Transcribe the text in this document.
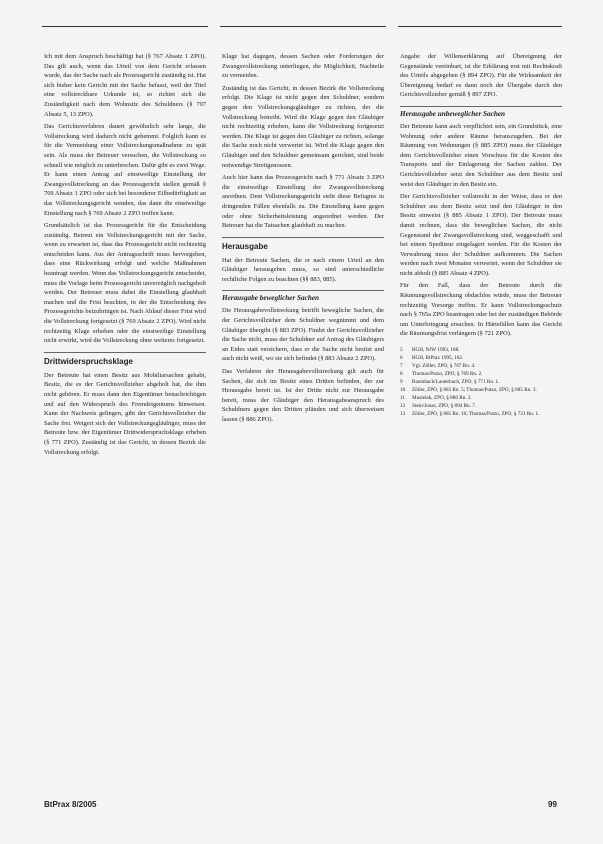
Ich mit dem Anspruch beschäftigt hat (§ 767 Absatz 1 ZPO). Das gilt auch, wenn das Urteil von dem Gericht erlassen wurde, das der Sache nach als Prozessgericht zuständig ist. Hat sich bisher kein Gericht mit der Sache befasst, weil der Titel eine vollstreckbare Urkunde ist, so richtet sich die Zuständigkeit nach dem Wohnsitz des Schuldners (§ 797 Absatz 5, 13 ZPO).

Das Gerichtsverfahren dauert gewöhnlich sehr lange, die Vollstreckung wird dadurch nicht gehemmt. Folglich kann es für die Vermeidung einer Vollstreckungsmaßnahme zu spät sein. Als muss der Betreuer versuchen, die Vollstreckung so schnell wie möglich zu unterbrechen. Dafür gibt es zwei Wege. Er kann einen Antrag auf einstweilige Einstellung der Zwangsvollstreckung an das Prozessgericht stellen gemäß § 769 Absatz 1 ZPO oder sich bei besonderer Eilbedürftigkeit an das Vollstreckungsgericht wenden, das dann die einstweilige Einstellung nach § 769 Absatz 2 ZPO treffen kann.

Grundsätzlich ist das Prozessgericht für die Entscheidung zuständig. Betreut ein Vollstreckungsgericht mit der Sache, wenn zu erwarten ist, dass das Prozessgericht nicht rechtzeitig entscheiden kann. Aus der Antragsschrift muss hervorgehen, dass eine Rückwirkung erfolgt und welche Maßnahmen beantragt werden. Wenn das Vollstreckungsgericht entscheidet, muss die Vorlage beim Prozessgericht unverzüglich nachgeholt werden. Der Betreuer muss dabei die Einstellung glaubhaft machen und die Frist beachten, in der die Entscheidung des Prozessgerichts beizubringen ist. Nach Ablauf dieser Frist wird die Vollstreckung fortgesetzt (§ 769 Absatz 2 ZPO). Wird nicht rechtzeitig Klage erhoben oder die einstweilige Einstellung nicht erwirkt, wird die Vollstreckung ohne weiteres fortgesetzt.

Drittwiderspruchsklage

Der Betreute hat einen Besitz aus Mobiliarsachen gehabt, Besitz, die es der Gerichtsvollzieher abgeholt hat, die ihm nicht gehören. Er muss dann den Eigentümer benachrichtigen und auf den Widerspruch des Fremdeigentums hinweisen. Kann der Nachweis gelingen, gibt der Gerichtsvollzieher die Sache frei. Weigert sich der Vollstreckungsgläubiger, muss der Betreute bzw. der Eigentümer Drittwiderspruchsklage erheben (§ 771 ZPO). Zuständig ist das Gericht, in dessen Bezirk die Vollstreckung erfolgt.

Klage hat dagegen, dessen Sachen oder Forderungen der Zwangsvollstreckung unterliegen, die Möglichkeit, Nachteile zu vermeiden.

Zuständig ist das Gericht, in dessen Bezirk die Vollstreckung erfolgt. Die Klage ist nicht gegen den Schuldner, sondern gegen den Vollstreckungsgläubiger zu richten, der die Vollstreckung betreibt. Wird die Klage gegen den Gläubiger nicht rechtzeitig erhoben, kann die Vollstreckung fortgesetzt werden. Die Klage ist gegen den Gläubiger zu richten, solange die Sache noch nicht verwertet ist. Wird die Klage gegen den Gläubiger und den Schuldner gemeinsam gerichtet, sind beide notwendige Streitgenossen.

Auch hier kann das Prozessgericht nach § 771 Absatz 3 ZPO die einstweilige Einstellung der Zwangsvollstreckung anordnen. Dem Vollstreckungsgericht steht diese Befugnis in dringenden Fällen ebenfalls zu. Die Einstellung kann gegen oder ohne Sicherheitsleistung angeordnet werden. Der Betreuer hat die Tatsachen glaubhaft zu machen.

Herausgabe

Hat der Betreute Sachen, die er nach einem Urteil an den Gläubiger herausgeben muss, so sind unterschiedliche rechtliche Folgen zu beachten (§§ 883, 885).

Herausgabe beweglicher Sachen

Die Herausgabevollstreckung betrifft bewegliche Sachen, die der Gerichtsvollzieher dem Schuldner wegnimmt und dem Gläubiger übergibt (§ 883 ZPO). Findet der Gerichtsvollzieher die Sache nicht, muss der Schuldner auf Antrag des Gläubigers an Eides statt versichern, dass er die Sache nicht besitzt und auch nicht weiß, wo sie sich befindet (§ 883 Absatz 2 ZPO).

Das Verfahren der Herausgabevollstreckung gilt auch für Sachen, die sich im Besitz eines Dritten befinden, der zur Herausgabe bereit ist. Ist der Dritte nicht zur Herausgabe bereit, muss der Gläubiger den Herausgabeanspruch des Schuldners gegen den Dritten pfänden und sich überweisen lassen (§ 886 ZPO).

Angabe der Willenserklärung auf Übereignung der Gegenstände vereinbart, ist die Erklärung erst mit Rechtskraft des Urteils abgegeben (§ 894 ZPO). Für die Wirksamkeit der Übereignung bedarf es dann noch der Übergabe durch den Gerichtsvollzieher gemäß § 897 ZPO.

Herausgabe unbeweglicher Sachen

Der Betreute kann auch verpflichtet sein, ein Grundstück, eine Wohnung oder andere Räume herauszugeben. Bei der Räumung von Wohnungen (§ 885 ZPO) muss der Gläubiger dem Gerichtsvollzieher einen Vorschuss für die Kosten des Transports und der Einlagerung der Sachen zahlen. Der Gerichtsvollzieher setzt den Schuldner aus dem Besitz und weist den Gläubiger in den Besitz ein.

Der Gerichtsvollzieher vollstreckt in der Weise, dass er den Schuldner aus dem Besitz setzt und den Gläubiger in den Besitz einweist (§ 885 Absatz 1 ZPO). Der Betreute muss damit rechnen, dass die beweglichen Sachen, die nicht Gegenstand der Zwangsvollstreckung sind, weggeschafft und bei einem Spediteur eingelagert werden. Für die Kosten der Verwahrung muss der Schuldner aufkommen. Die Sachen werden nach zwei Monaten verwertet, wenn der Schuldner sie nicht abholt (§ 885 Absatz 4 ZPO).

Für den Fall, dass der Betreute durch die Räumungsvollstreckung obdachlos würde, muss der Betreuer rechtzeitig Vorsorge treffen. Er kann Vollstreckungsschutz nach § 765a ZPO beantragen oder bei der zuständigen Behörde um Unterbringung ersuchen. In Härtefällen kann das Gericht die Räumungsfrist verlängern (§ 721 ZPO).

5	BGH, NJW 1993, 188.
6	BGH, BtPrax 1995, 182.
7	Vgl. Zöller, ZPO, § 767 Rn. 4.
8	Thomas/Putzo, ZPO, § 769 Rn. 2.
9	Baumbach/Lauterbach, ZPO, § 771 Rn. 1.
10	Zöller, ZPO, § 883 Rn. 5; Thomas/Putzo, ZPO, § 885 Rn. 3.
11	Musielak, ZPO, § 886 Rn. 2.
12	Stein/Jonas, ZPO, § 894 Rn. 7.
13	Zöller, ZPO, § 885 Rn. 16; Thomas/Putzo, ZPO, § 721 Rn. 1.
BtPrax 8/2005	99
